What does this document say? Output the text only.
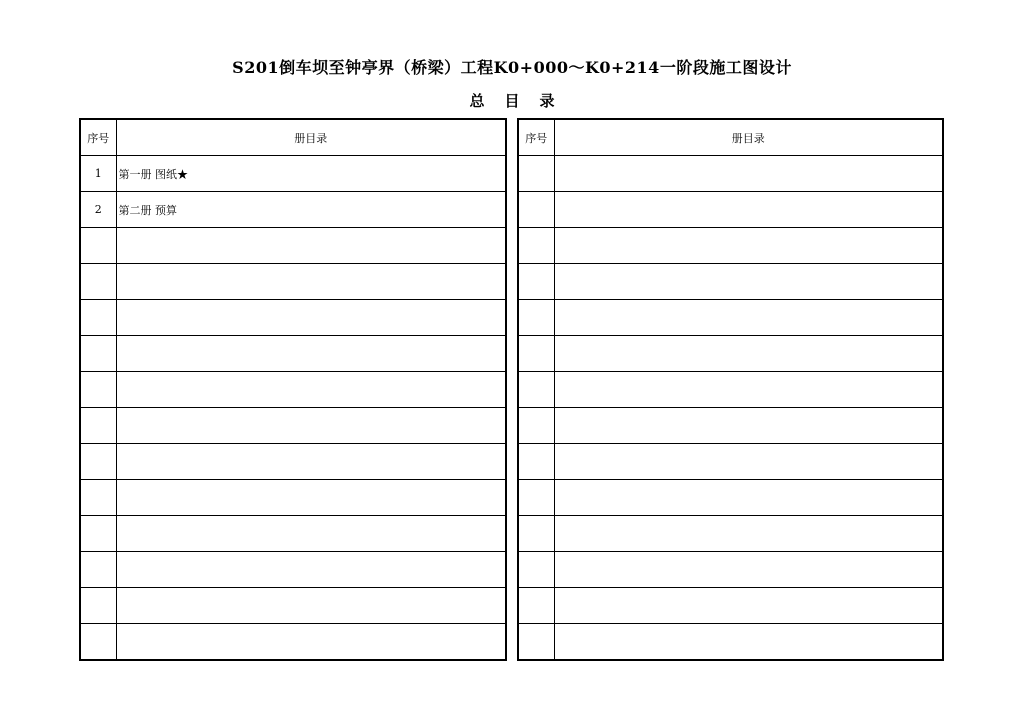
S201倒车坝至钟亭界（桥梁）工程K0+000～K0+214一阶段施工图设计
总目录
序号	册目录
1	第一册 图纸★
2	第二册 预算

序号	册目录
